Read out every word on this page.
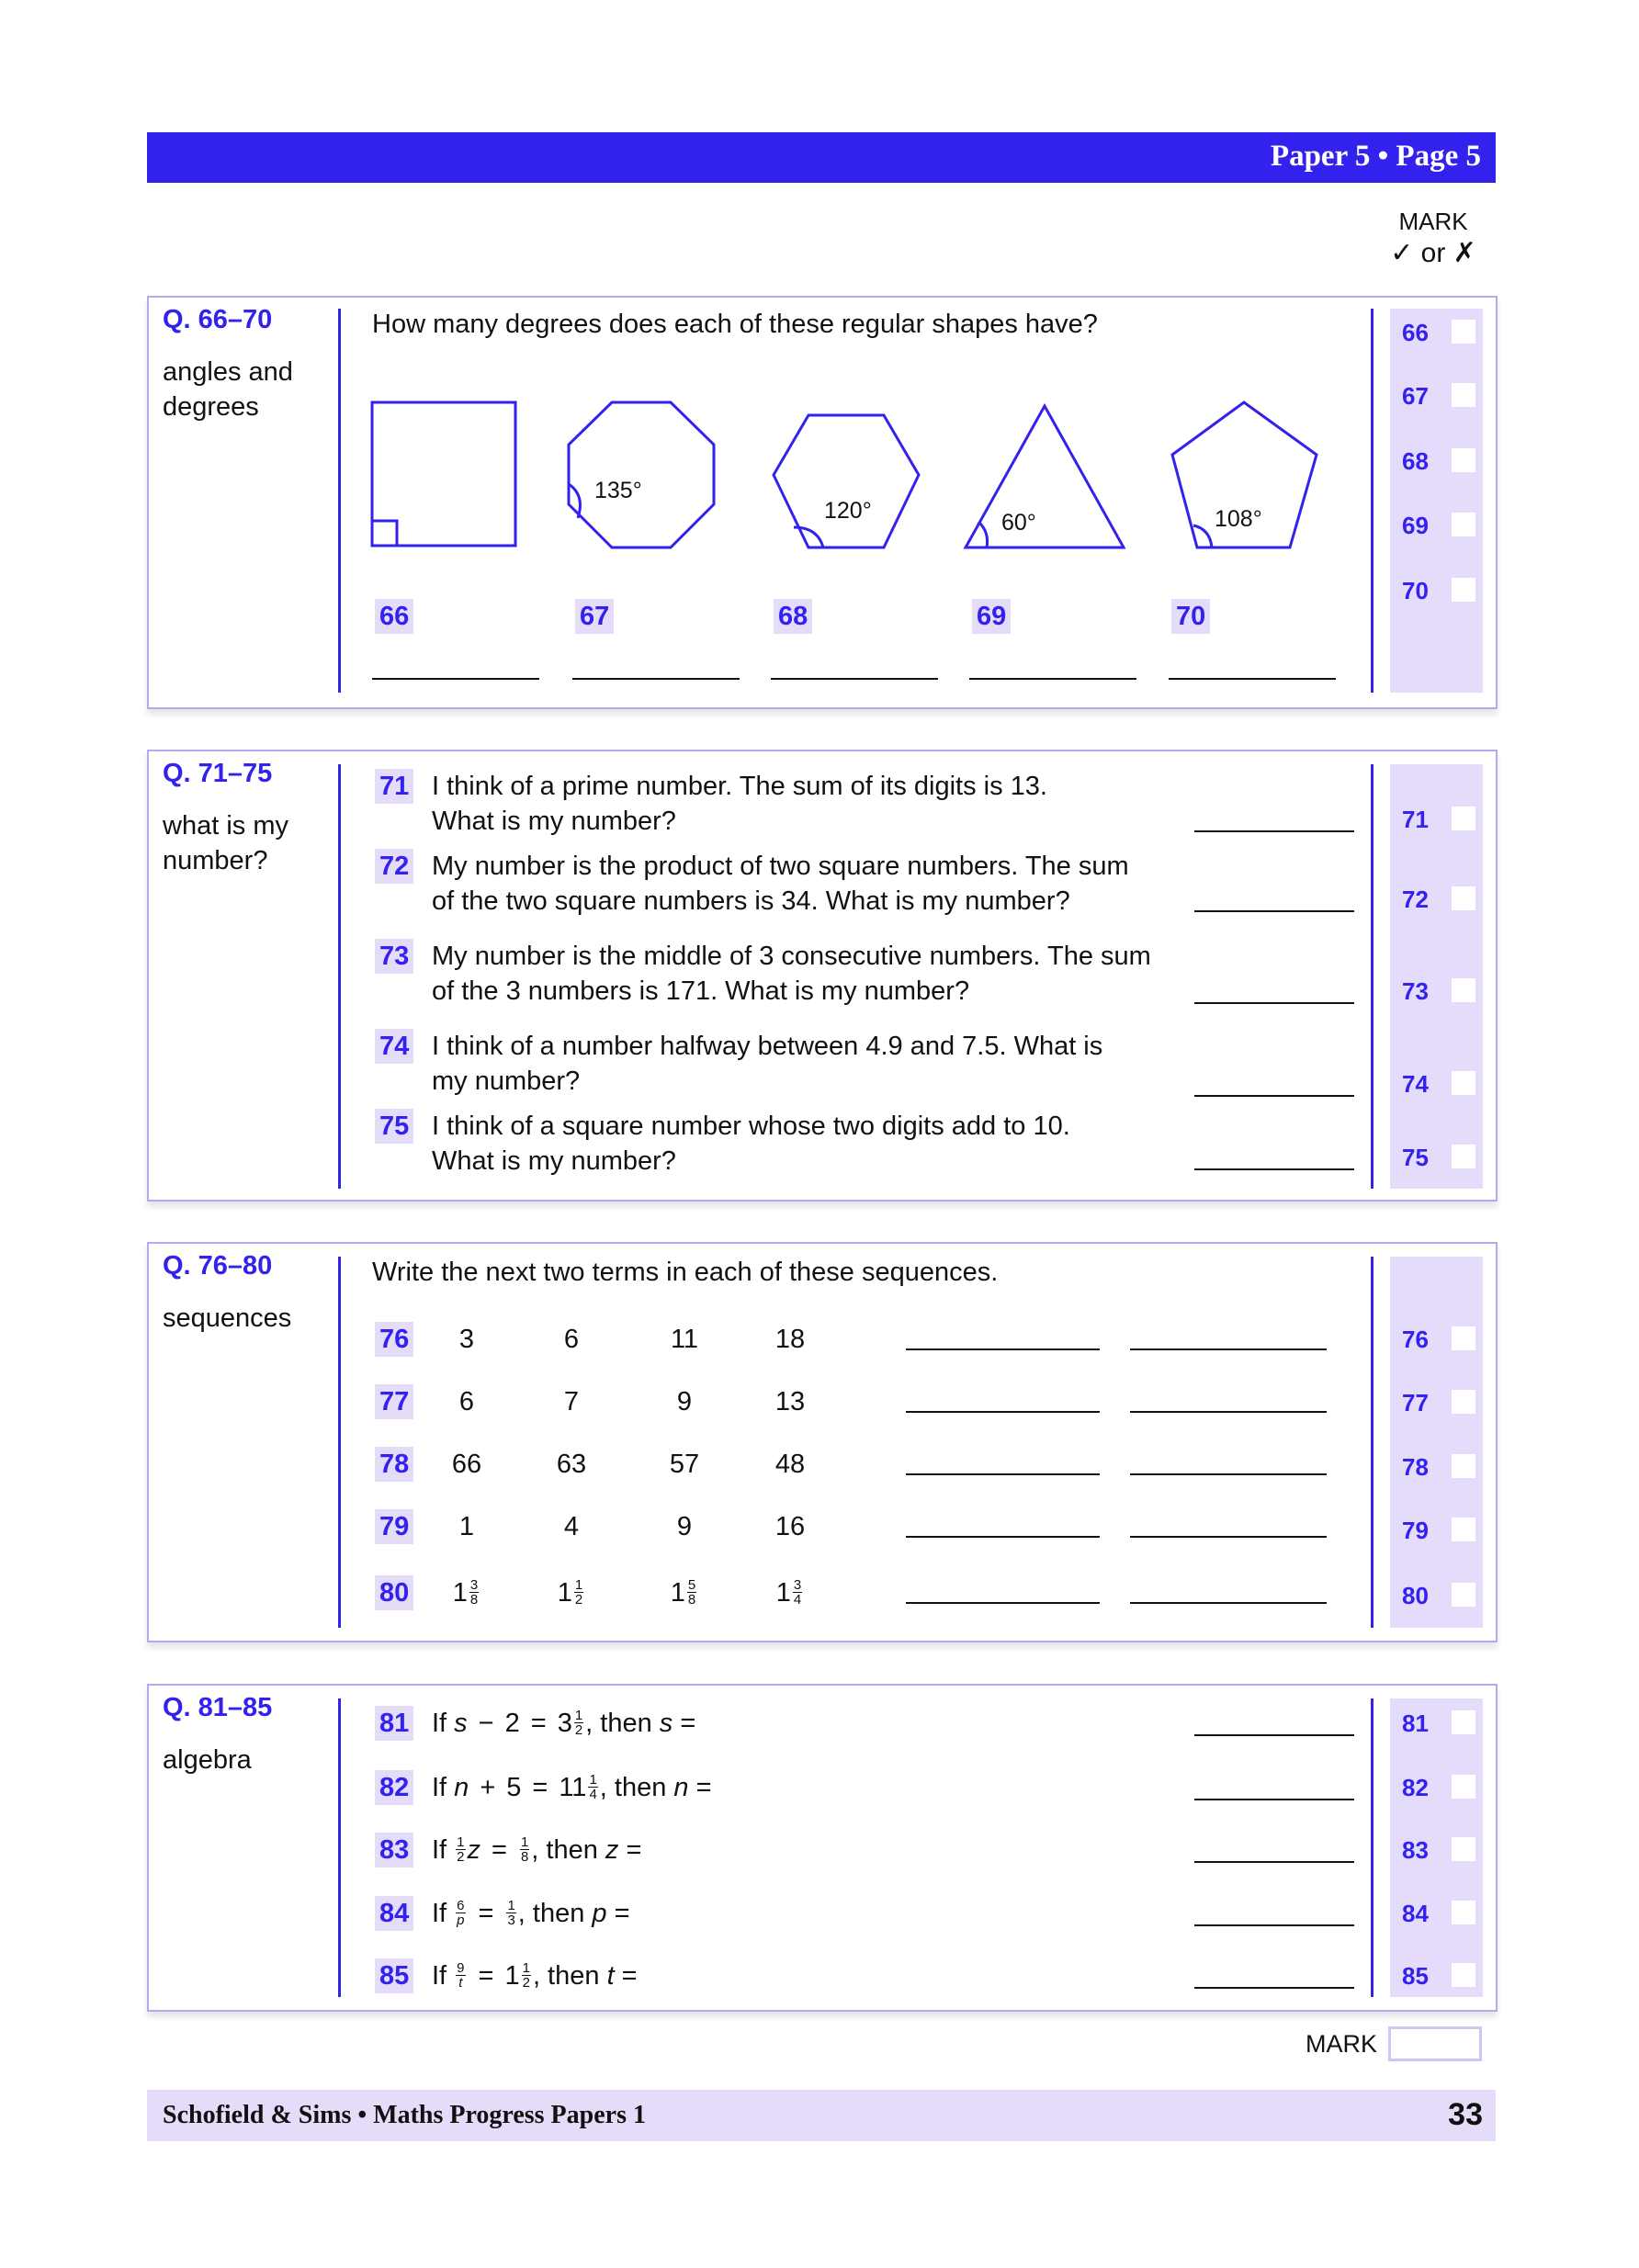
Paper 5 • Page 5
MARK
✓ or ✗
Q. 66–70
angles and
degrees
How many degrees does each of these regular shapes have?
135°
120°	60°	108°
66
66
67
67
68
68
69
69
70
70
Q. 71–75
what is my
number?
71 I think of a prime number. The sum of its digits is 13.
What is my number?	71
72 My number is the product of two square numbers. The sum
of the two square numbers is 34. What is my number?	72
73 My number is the middle of 3 consecutive numbers. The sum
of the 3 numbers is 171. What is my number?	73
74 I think of a number halfway between 4.9 and 7.5. What is
my number?	74
75 I think of a square number whose two digits add to 10.
What is my number?	75
Q. 76–80
sequences
Write the next two terms in each of these sequences.
76	3	6	11	18	76
77	6	7	9	13	77
78	66	63	57	48	78
79	1	4	9	16	79
80	$1 \frac{3}{8}$	$1 \frac{1}{2}$	$1 \frac{5}{8}$	$1 \frac{3}{4}$	80
Q. 81–85
algebra
81 If $s - 2 = 3 \frac{1}{2}$ , then s =	81
82 If $n + 5 = 11 \frac{1}{4}$ , then n =	82
83 If $\frac{1}{2}$ $z = \frac{1}{8}$ , then z =	83
84 If $\frac{6}{p} = \frac{1}{3}$ , then p =	84
85 If $\frac{9}{t} = 1 \frac{1}{2}$ , then t =	85
MARK
Schofield & Sims • Maths Progress Papers 1	33
